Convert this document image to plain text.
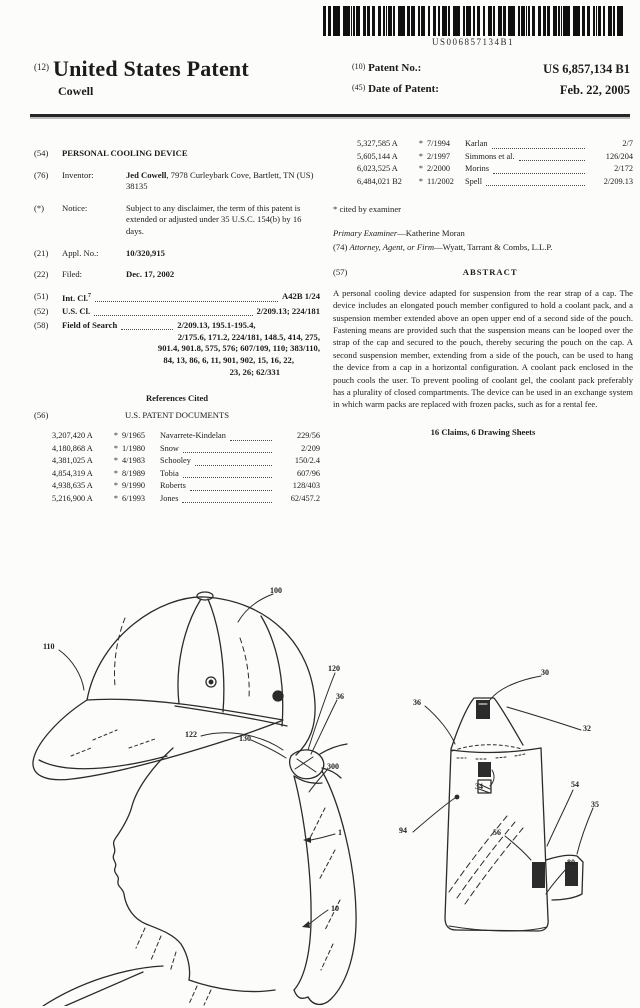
US006857134B1
$^{(12)}$ United States Patent
Cowell
(10) Patent No.:	US 6,857,134 B1
(45) Date of Patent:	Feb. 22, 2005
(54)	PERSONAL COOLING DEVICE
(76)	Inventor:	Jed Cowell, 7978 Curleybark Cove, Bartlett, TN (US) 38135
(*)	Notice:	Subject to any disclaimer, the term of this patent is extended or adjusted under 35 U.S.C. 154(b) by 16 days.
(21)	Appl. No.:	10/320,915
(22)	Filed:	Dec. 17, 2002
(51)	Int. Cl.$^7$	A42B 1/24
(52)	U.S. Cl.	2/209.13; 224/181
(58)	Field of Search	2/209.13, 195.1-195.4,
2/175.6, 171.2, 224/181, 148.5, 414, 275,
901.4, 901.8, 575, 576; 607/109, 110; 383/110,
84, 13, 86, 6, 11, 901, 902, 15, 16, 22,
23, 26; 62/331
(56)
References Cited
U.S. PATENT DOCUMENTS
3,207,420 A	* 9/1965	Navarrete-Kindelan	229/56
4,180,868 A	* 1/1980	Snow	2/209
4,381,025 A	* 4/1983	Schooley	150/2.4
4,854,319 A	* 8/1989	Tobia	607/96
4,938,635 A	* 9/1990	Roberts	128/403
5,216,900 A	* 6/1993	Jones	62/457.2
5,327,585 A	* 7/1994	Karlan	2/7
5,605,144 A	* 2/1997	Simmons et al.	126/204
6,023,525 A	* 2/2000	Morins	2/172
6,484,021 B2	* 11/2002	Spell	2/209.13
* cited by examiner
Primary Examiner—Katherine Moran
(74) Attorney, Agent, or Firm—Wyatt, Tarrant & Combs, L.L.P.
(57)	ABSTRACT
A personal cooling device adapted for suspension from the rear strap of a cap. The device includes an elongated pouch member configured to hold a coolant pack, and a suspension member extended above an open upper end of a second side of the pouch. Fastening means are provided such that the suspension means can be looped over the strap of the cap and secured to the pouch, thereby securing the pouch on the cap. A second suspension member, extending from a side of the pouch, can be used to hang the device from a cap in a horizontal configuration. A coolant pack enclosed in the pouch cools the user. To prevent pooling of coolant gel, the coolant pack preferably has a plurality of closed compartments. The device can be used in an exchange system in which warm packs are replaced with frozen packs, such as for a rental fee.
16 Claims, 6 Drawing Sheets
100
110
120
36
122	130
300
1
10
30
36
32
34	54
35
56
80
94
